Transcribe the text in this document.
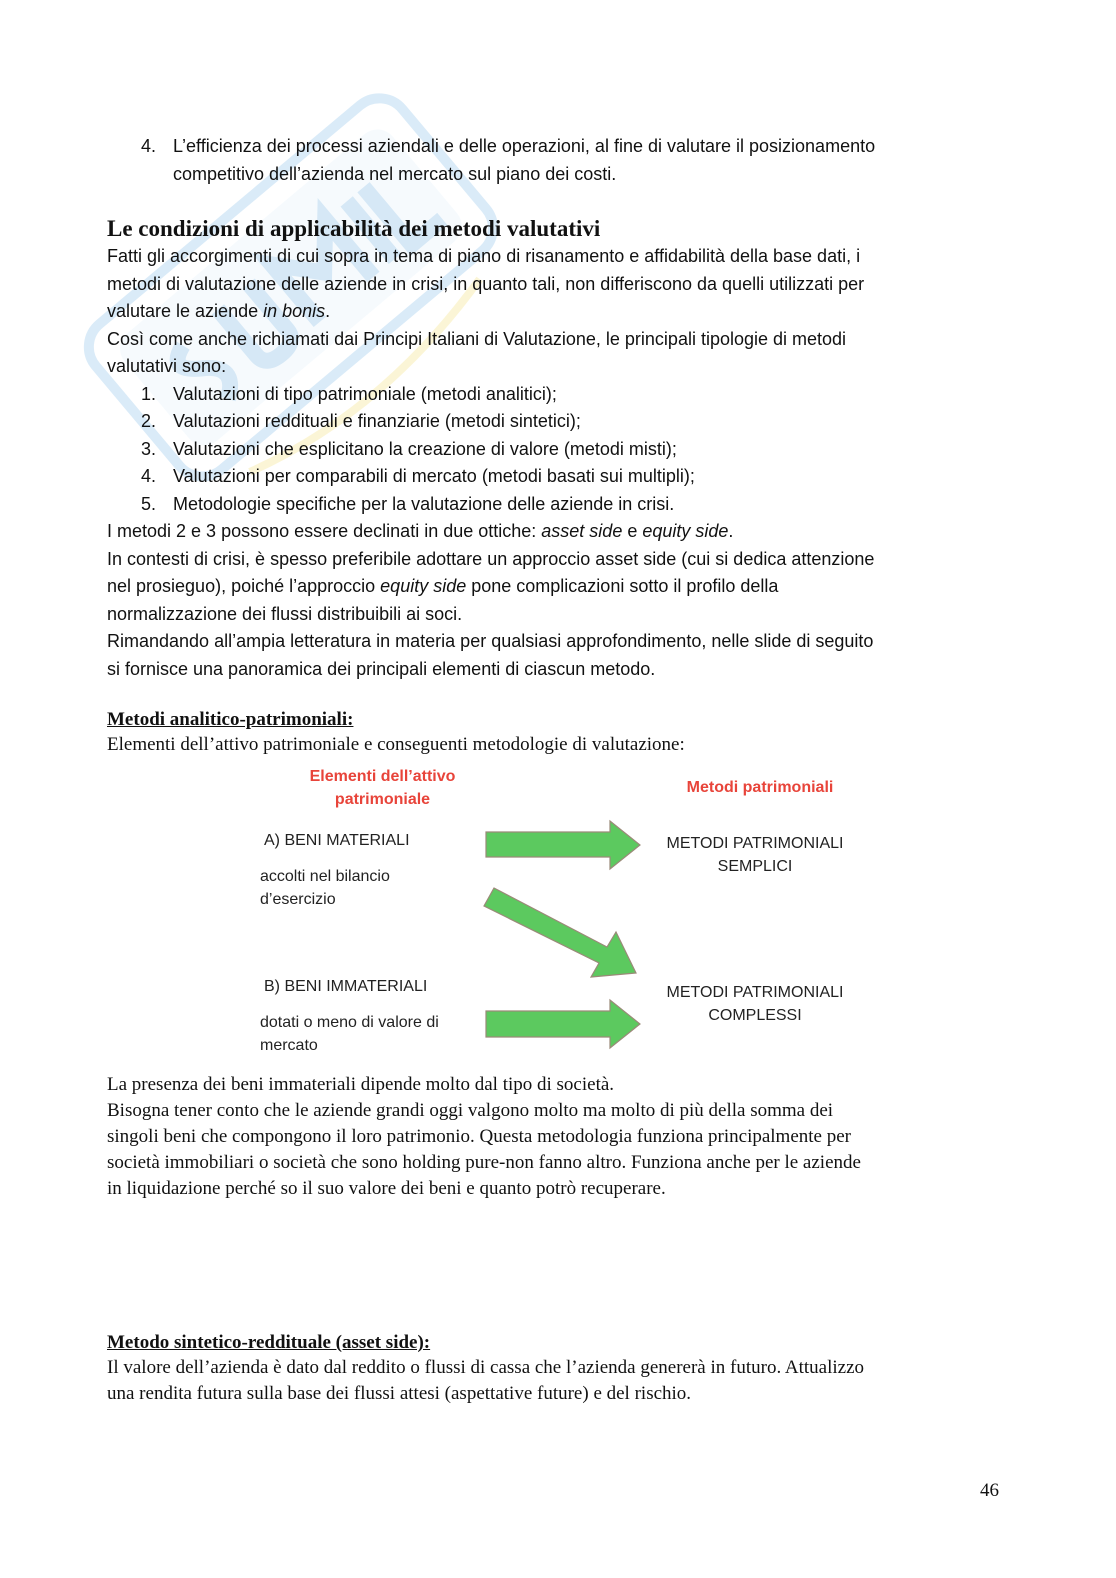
4. L’efficienza dei processi aziendali e delle operazioni, al fine di valutare il posizionamento
competitivo dell’azienda nel mercato sul piano dei costi.
Le condizioni di applicabilità dei metodi valutativi
Fatti gli accorgimenti di cui sopra in tema di piano di risanamento e affidabilità della base dati, i
metodi di valutazione delle aziende in crisi, in quanto tali, non differiscono da quelli utilizzati per
valutare le aziende in bonis.
Così come anche richiamati dai Principi Italiani di Valutazione, le principali tipologie di metodi
valutativi sono:
1. Valutazioni di tipo patrimoniale (metodi analitici);
2. Valutazioni reddituali e finanziarie (metodi sintetici);
3. Valutazioni che esplicitano la creazione di valore (metodi misti);
4. Valutazioni per comparabili di mercato (metodi basati sui multipli);
5. Metodologie specifiche per la valutazione delle aziende in crisi.
I metodi 2 e 3 possono essere declinati in due ottiche: asset side e equity side.
In contesti di crisi, è spesso preferibile adottare un approccio asset side (cui si dedica attenzione
nel prosieguo), poiché l’approccio equity side pone complicazioni sotto il profilo della
normalizzazione dei flussi distribuibili ai soci.
Rimandando all’ampia letteratura in materia per qualsiasi approfondimento, nelle slide di seguito
si fornisce una panoramica dei principali elementi di ciascun metodo.
Metodi analitico-patrimoniali:
Elementi dell’attivo patrimoniale e conseguenti metodologie di valutazione:
Elementi dell’attivo
patrimoniale
Metodi patrimoniali
A) BENI MATERIALI
accolti nel bilancio
d’esercizio
B) BENI IMMATERIALI
dotati o meno di valore di
mercato
METODI PATRIMONIALI
SEMPLICI
METODI PATRIMONIALI
COMPLESSI
La presenza dei beni immateriali dipende molto dal tipo di società.
Bisogna tener conto che le aziende grandi oggi valgono molto ma molto di più della somma dei
singoli beni che compongono il loro patrimonio. Questa metodologia funziona principalmente per
società immobiliari o società che sono holding pure-non fanno altro. Funziona anche per le aziende
in liquidazione perché so il suo valore dei beni e quanto potrò recuperare.
Metodo sintetico-reddituale (asset side):
Il valore dell’azienda è dato dal reddito o flussi di cassa che l’azienda genererà in futuro. Attualizzo
una rendita futura sulla base dei flussi attesi (aspettative future) e del rischio.
46
